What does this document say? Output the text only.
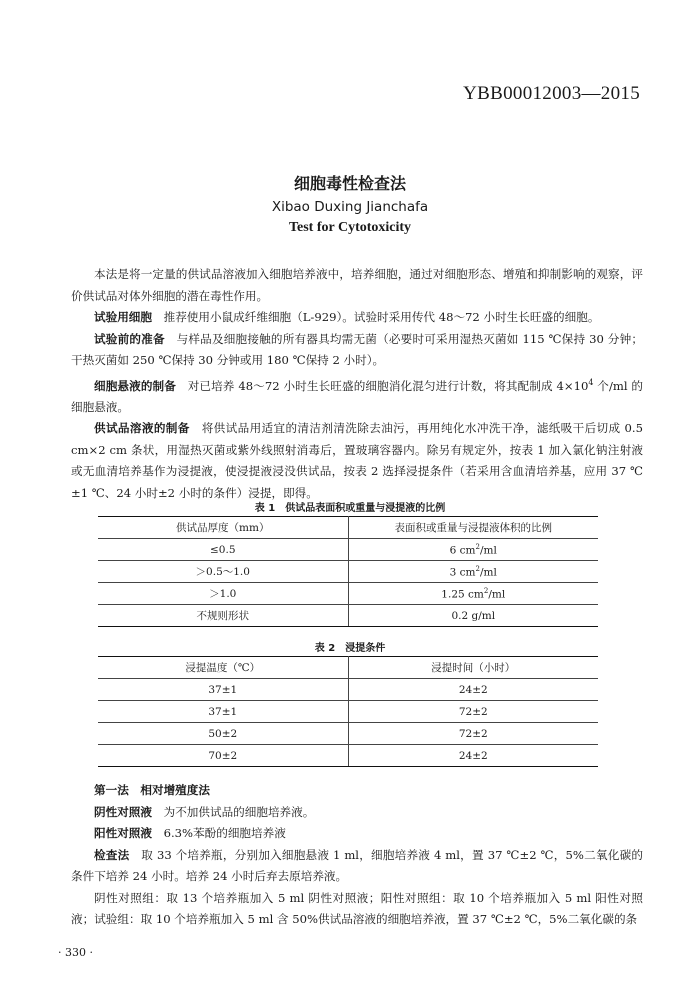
YBB00012003—2015
细胞毒性检查法
Xibao Duxing Jianchafa
Test for Cytotoxicity

本法是将一定量的供试品溶液加入细胞培养液中，培养细胞，通过对细胞形态、增殖和抑制影响的观察，评价供试品对体外细胞的潜在毒性作用。

试验用细胞　 推荐使用小鼠成纤维细胞（L-929）。试验时采用传代 48～72 小时生长旺盛的细胞。

试验前的准备　 与样品及细胞接触的所有器具均需无菌（必要时可采用湿热灭菌如 115 ℃保持 30 分钟；干热灭菌如 250 ℃保持 30 分钟或用 180 ℃保持 2 小时）。

细胞悬液的制备　 对已培养 48～72 小时生长旺盛的细胞消化混匀进行计数，将其配制成 $4\times 10^4$ 个/ml 的细胞悬液。

供试品溶液的制备　 将供试品用适宜的清洁剂清洗除去油污，再用纯化水冲洗干净，滤纸吸干后切成 0.5 cm×2 cm 条状，用湿热灭菌或紫外线照射消毒后，置玻璃容器内。除另有规定外，按表 1 加入氯化钠注射液或无血清培养基作为浸提液，使浸提液浸没供试品，按表 2 选择浸提条件（若采用含血清培养基，应用 37 ℃±1 ℃、24 小时±2 小时的条件）浸提，即得。

表 1　供试品表面积或重量与浸提液的比例
供试品厚度（mm）	表面积或重量与浸提液体积的比例
≤0.5	6 $cm^2/ml$
＞0.5～1.0	3 $cm^2/ml$
＞1.0	1.25 $cm^2/ml$
不规则形状	0.2 g/ml
表 2　浸提条件
浸提温度（℃）	浸提时间（小时）
37±1	24±2
37±1	72±2
50±2	72±2
70±2	24±2

第一法　相对增殖度法

阴性对照液　 为不加供试品的细胞培养液。

阳性对照液　 6.3%苯酚的细胞培养液

检查法　 取 33 个培养瓶，分别加入细胞悬液 1 ml，细胞培养液 4 ml，置 37 ℃±2 ℃，5%二氧化碳的条件下培养 24 小时。培养 24 小时后弃去原培养液。

阴性对照组：取 13 个培养瓶加入 5 ml 阴性对照液；阳性对照组：取 10 个培养瓶加入 5 ml 阳性对照液；试验组：取 10 个培养瓶加入 5 ml 含 50%供试品溶液的细胞培养液，置 37 ℃±2 ℃，5%二氧化碳的条

· 330 ·
